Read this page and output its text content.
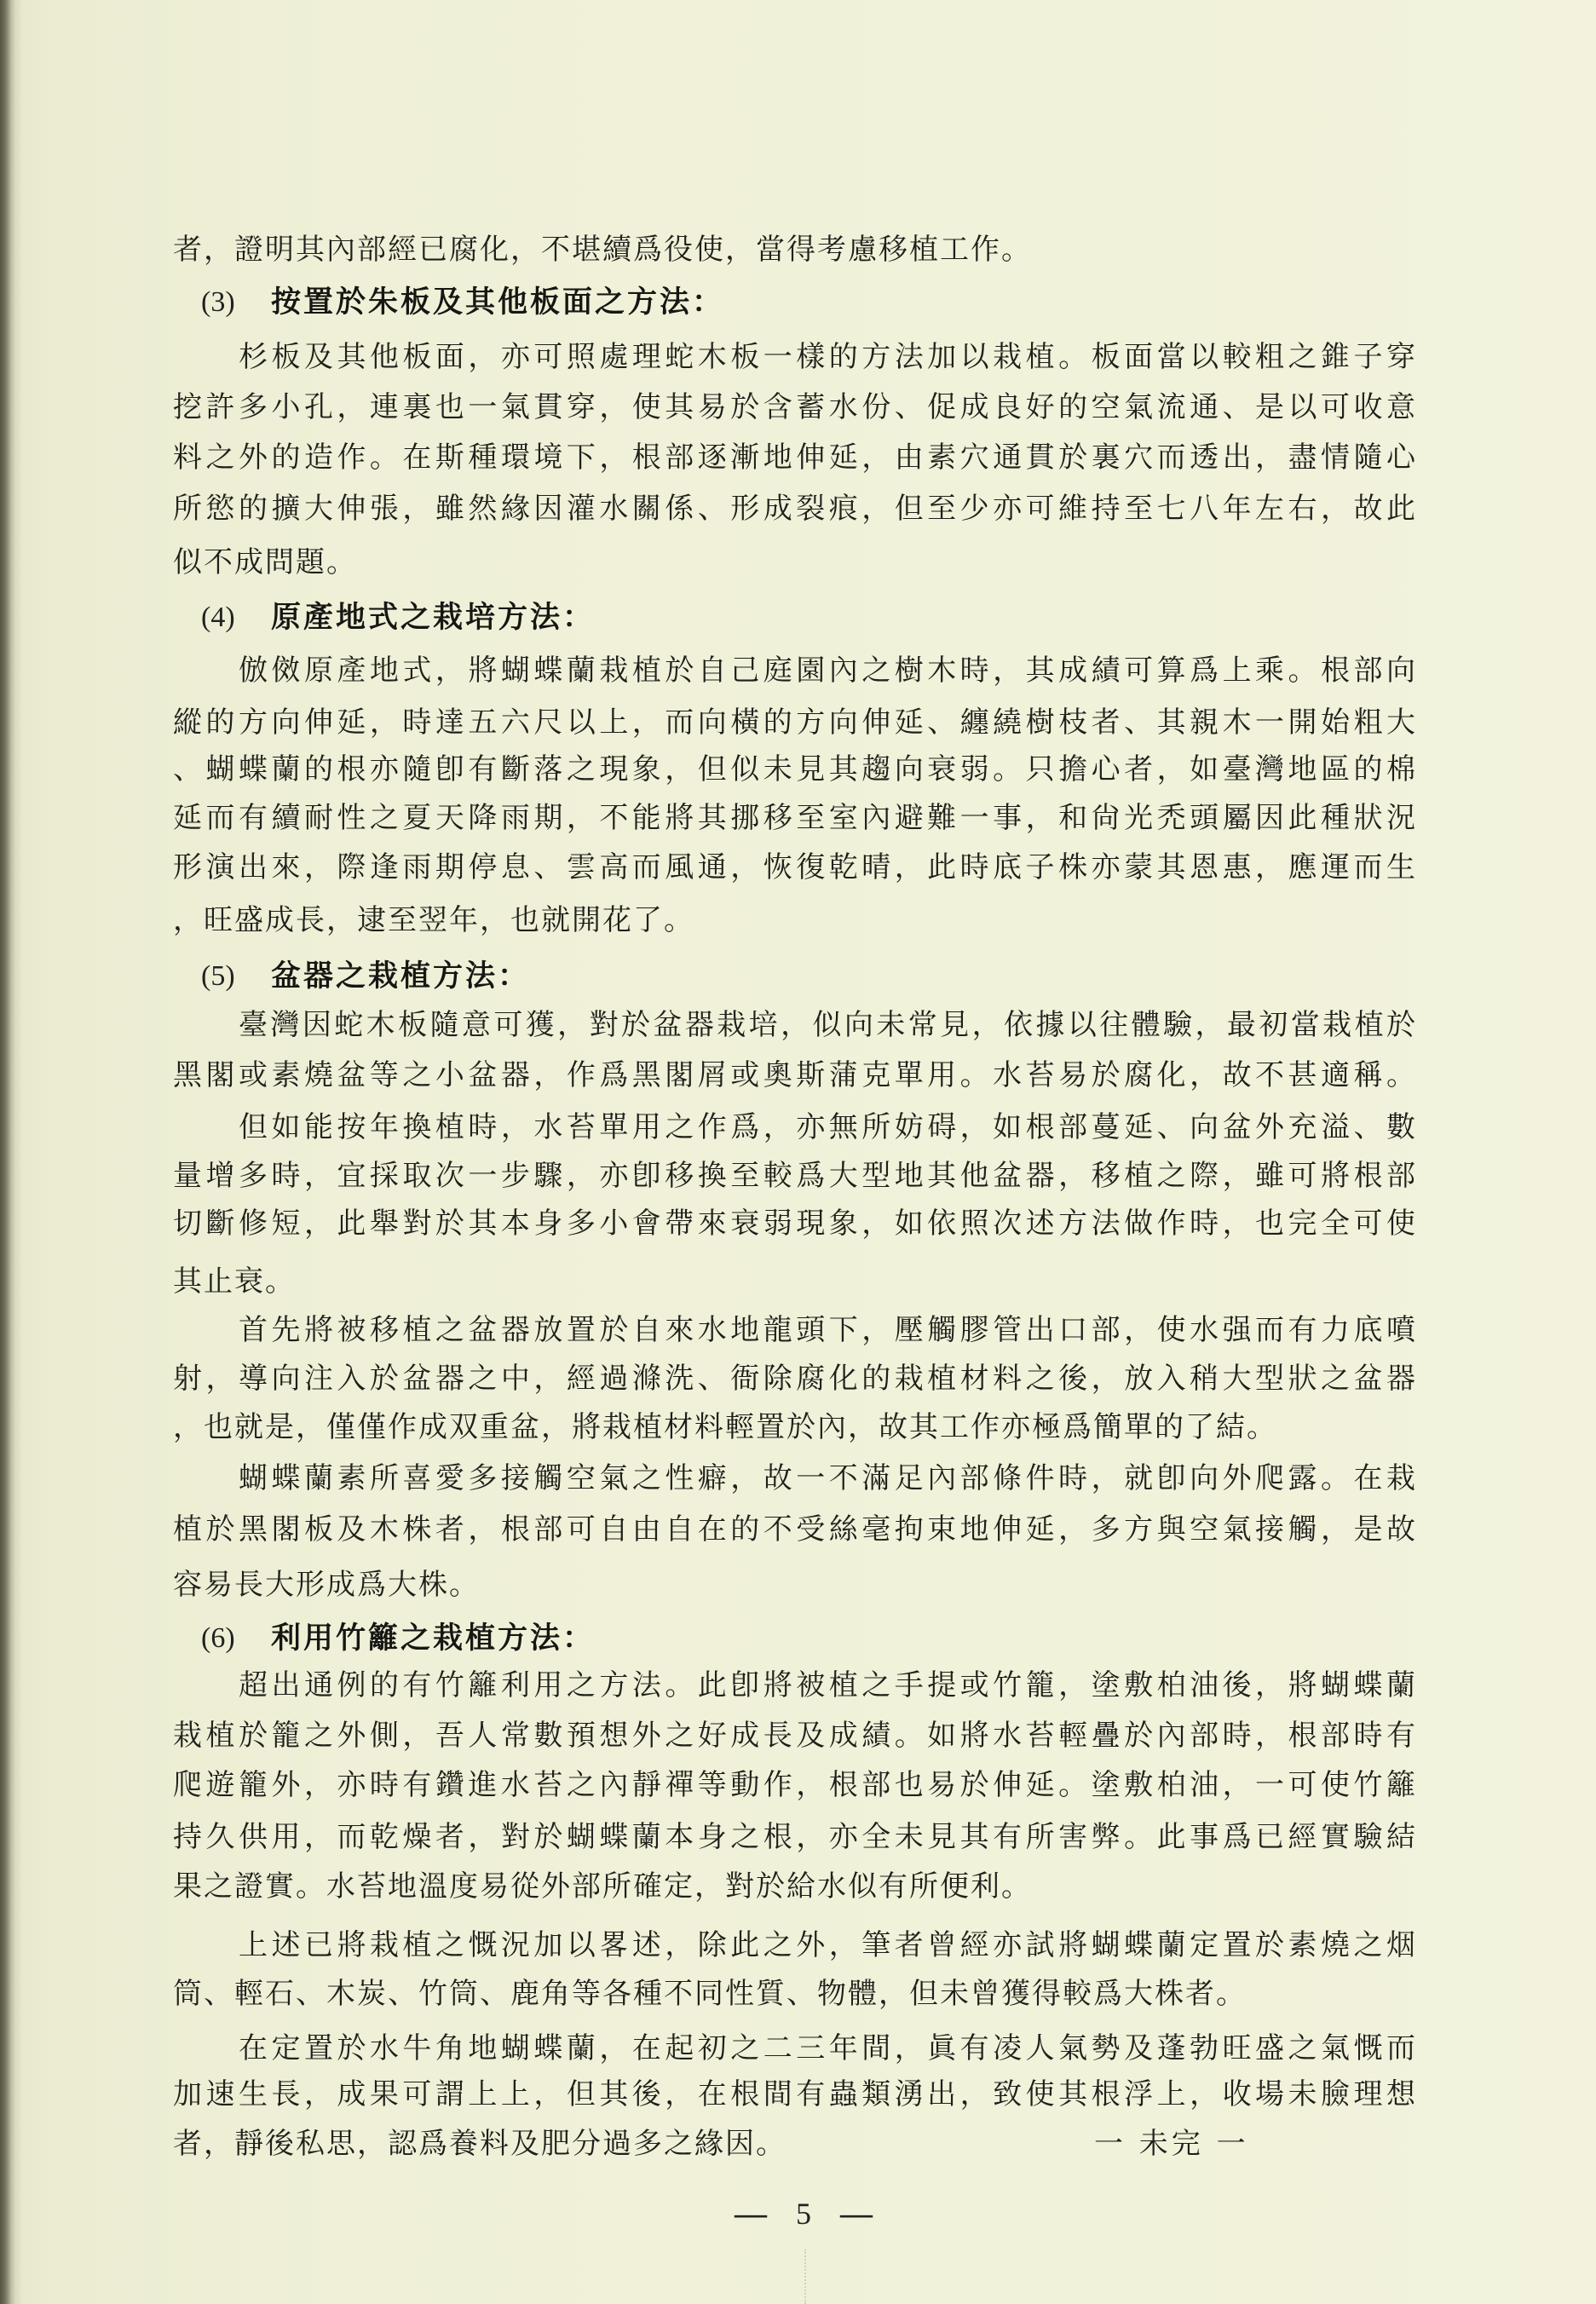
者，證明其內部經已腐化，不堪續爲役使，當得考慮移植工作。
(3) 按置於朱板及其他板面之方法：
杉板及其他板面，亦可照處理蛇木板一樣的方法加以栽植。板面當以較粗之錐子穿
挖許多小孔，連裏也一氣貫穿，使其易於含蓄水份、促成良好的空氣流通、是以可收意
料之外的造作。在斯種環境下，根部逐漸地伸延，由素穴通貫於裏穴而透出，盡情隨心
所慾的擴大伸張，雖然緣因灌水關係、形成裂痕，但至少亦可維持至七八年左右，故此
似不成問題。
(4) 原產地式之栽培方法：
倣傚原產地式，將蝴蝶蘭栽植於自己庭園內之樹木時，其成績可算爲上乘。根部向
縱的方向伸延，時達五六尺以上，而向橫的方向伸延、纏繞樹枝者、其親木一開始粗大
、蝴蝶蘭的根亦隨卽有斷落之現象，但似未見其趨向衰弱。只擔心者，如臺灣地區的棉
延而有續耐性之夏天降雨期，不能將其挪移至室內避難一事，和尙光禿頭屬因此種狀況
形演出來，際逢雨期停息、雲高而風通，恢復乾晴，此時底子株亦蒙其恩惠，應運而生
，旺盛成長，逮至翌年，也就開花了。
(5) 盆器之栽植方法：
臺灣因蛇木板隨意可獲，對於盆器栽培，似向未常見，依據以往體驗，最初當栽植於
黑閣或素燒盆等之小盆器，作爲黑閣屑或奧斯蒲克單用。水苔易於腐化，故不甚適稱。
但如能按年換植時，水苔單用之作爲，亦無所妨碍，如根部蔓延、向盆外充溢、數
量增多時，宜採取次一步驟，亦卽移換至較爲大型地其他盆器，移植之際，雖可將根部
切斷修短，此舉對於其本身多小會帶來衰弱現象，如依照次述方法做作時，也完全可使
其止衰。
首先將被移植之盆器放置於自來水地龍頭下，壓觸膠管出口部，使水强而有力底噴
射，導向注入於盆器之中，經過滌洗、衙除腐化的栽植材料之後，放入稍大型狀之盆器
，也就是，僅僅作成双重盆，將栽植材料輕置於內，故其工作亦極爲簡單的了結。
蝴蝶蘭素所喜愛多接觸空氣之性癖，故一不滿足內部條件時，就卽向外爬露。在栽
植於黑閣板及木株者，根部可自由自在的不受絲毫拘束地伸延，多方與空氣接觸，是故
容易長大形成爲大株。
(6) 利用竹籬之栽植方法：
超出通例的有竹籬利用之方法。此卽將被植之手提或竹籠，塗敷柏油後，將蝴蝶蘭
栽植於籠之外側，吾人常數預想外之好成長及成績。如將水苔輕疊於內部時，根部時有
爬遊籠外，亦時有鑽進水苔之內靜禪等動作，根部也易於伸延。塗敷柏油，一可使竹籬
持久供用，而乾燥者，對於蝴蝶蘭本身之根，亦全未見其有所害弊。此事爲已經實驗結
果之證實。水苔地溫度易從外部所確定，對於給水似有所便利。
上述已將栽植之慨況加以畧述，除此之外，筆者曾經亦試將蝴蝶蘭定置於素燒之烟
筒、輕石、木炭、竹筒、鹿角等各種不同性質、物體，但未曾獲得較爲大株者。
在定置於水牛角地蝴蝶蘭，在起初之二三年間，眞有凌人氣勢及蓬勃旺盛之氣慨而
加速生長，成果可謂上上，但其後，在根間有蟲類湧出，致使其根浮上，收場未臉理想
者，靜後私思，認爲養料及肥分過多之緣因。	一 未完 一
— 5 —
